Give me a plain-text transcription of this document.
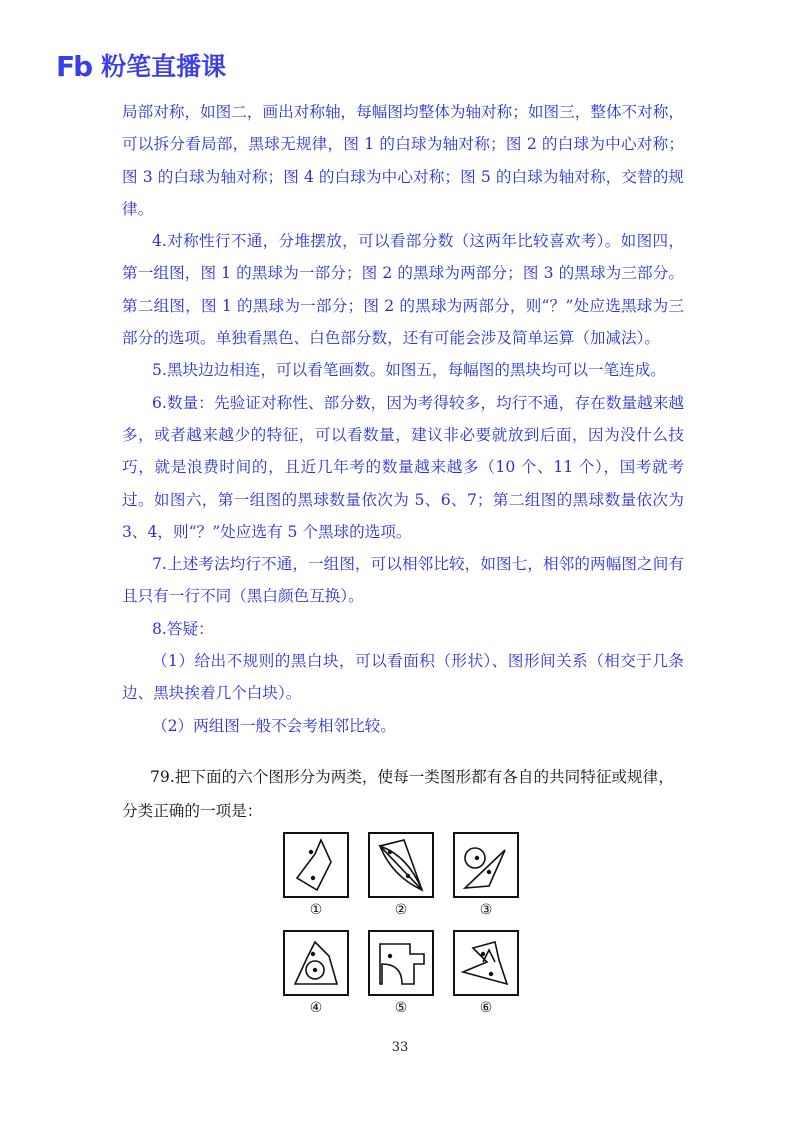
Fb 粉笔直播课

局部对称，如图二，画出对称轴，每幅图均整体为轴对称；如图三，整体不对称，可以拆分看局部，黑球无规律，图 1 的白球为轴对称；图 2 的白球为中心对称；图 3 的白球为轴对称；图 4 的白球为中心对称；图 5 的白球为轴对称，交替的规律。

4.对称性行不通，分堆摆放，可以看部分数（这两年比较喜欢考）。如图四，第一组图，图 1 的黑球为一部分；图 2 的黑球为两部分；图 3 的黑球为三部分。第二组图，图 1 的黑球为一部分；图 2 的黑球为两部分，则“？”处应选黑球为三部分的选项。单独看黑色、白色部分数，还有可能会涉及简单运算（加减法）。

5.黑块边边相连，可以看笔画数。如图五，每幅图的黑块均可以一笔连成。

6.数量：先验证对称性、部分数，因为考得较多，均行不通，存在数量越来越多，或者越来越少的特征，可以看数量，建议非必要就放到后面，因为没什么技巧，就是浪费时间的，且近几年考的数量越来越多（10 个、11 个），国考就考过。如图六，第一组图的黑球数量依次为 5、6、7；第二组图的黑球数量依次为 3、4，则“？”处应选有 5 个黑球的选项。

7.上述考法均行不通，一组图，可以相邻比较，如图七，相邻的两幅图之间有且只有一行不同（黑白颜色互换）。

8.答疑：

（1）给出不规则的黑白块，可以看面积（形状）、图形间关系（相交于几条边、黑块挨着几个白块）。

（2）两组图一般不会考相邻比较。

79.把下面的六个图形分为两类，使每一类图形都有各自的共同特征或规律，分类正确的一项是：

①	②	③
④	⑤	⑥
33
